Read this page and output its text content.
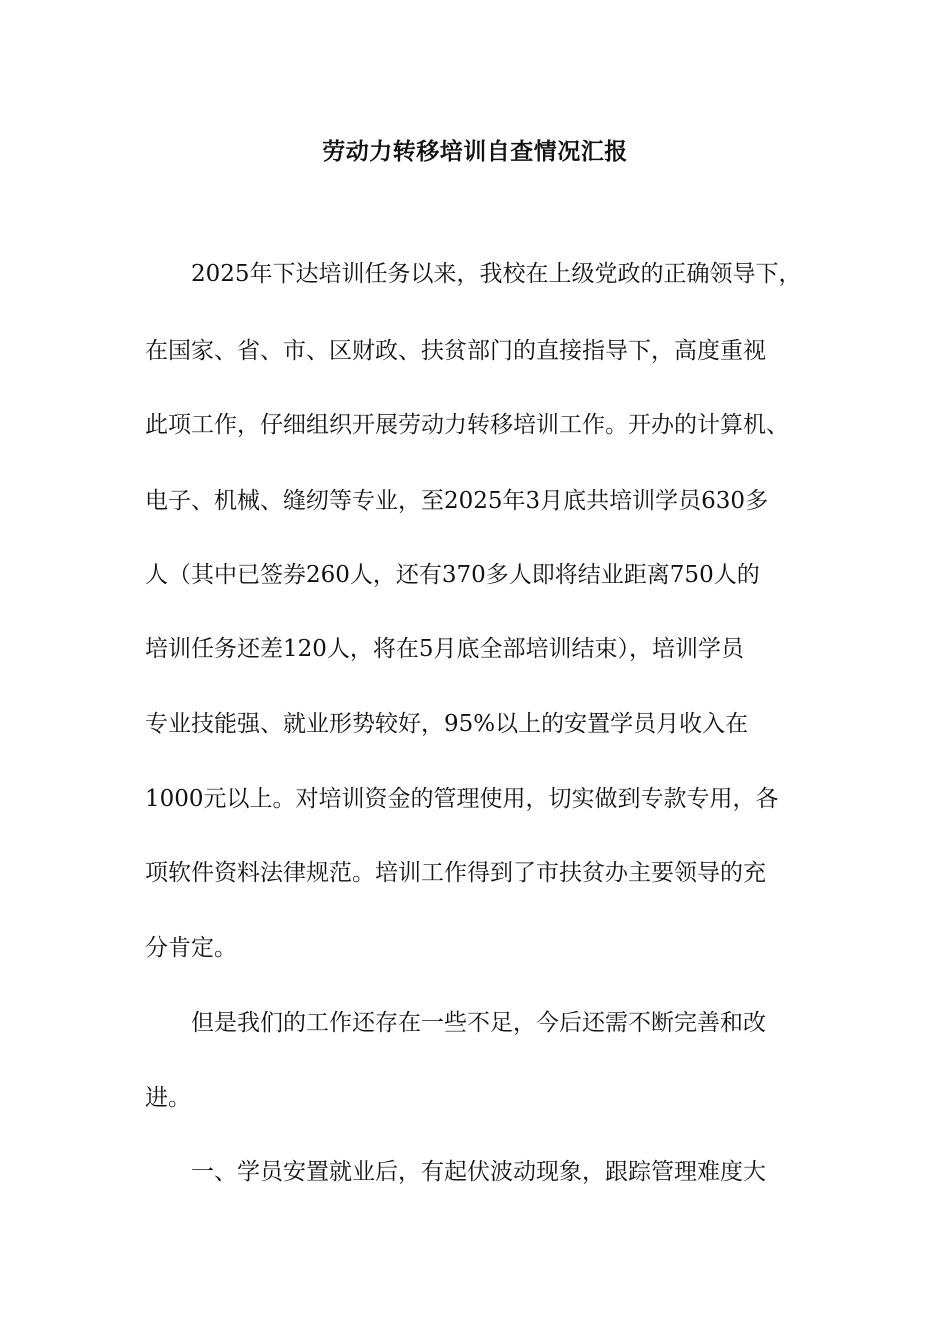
劳动力转移培训自查情况汇报
2025年下达培训任务以来，我校在上级党政的正确领导下，
在国家、省、市、区财政、扶贫部门的直接指导下，高度重视
此项工作，仔细组织开展劳动力转移培训工作。开办的计算机、
电子、机械、缝纫等专业，至2025年3月底共培训学员630多
人（其中已签券260人，还有370多人即将结业距离750人的
培训任务还差120人，将在5月底全部培训结束），培训学员
专业技能强、就业形势较好，95%以上的安置学员月收入在
1000元以上。对培训资金的管理使用，切实做到专款专用，各
项软件资料法律规范。培训工作得到了市扶贫办主要领导的充
分肯定。
但是我们的工作还存在一些不足，今后还需不断完善和改
进。
一、学员安置就业后，有起伏波动现象，跟踪管理难度大
